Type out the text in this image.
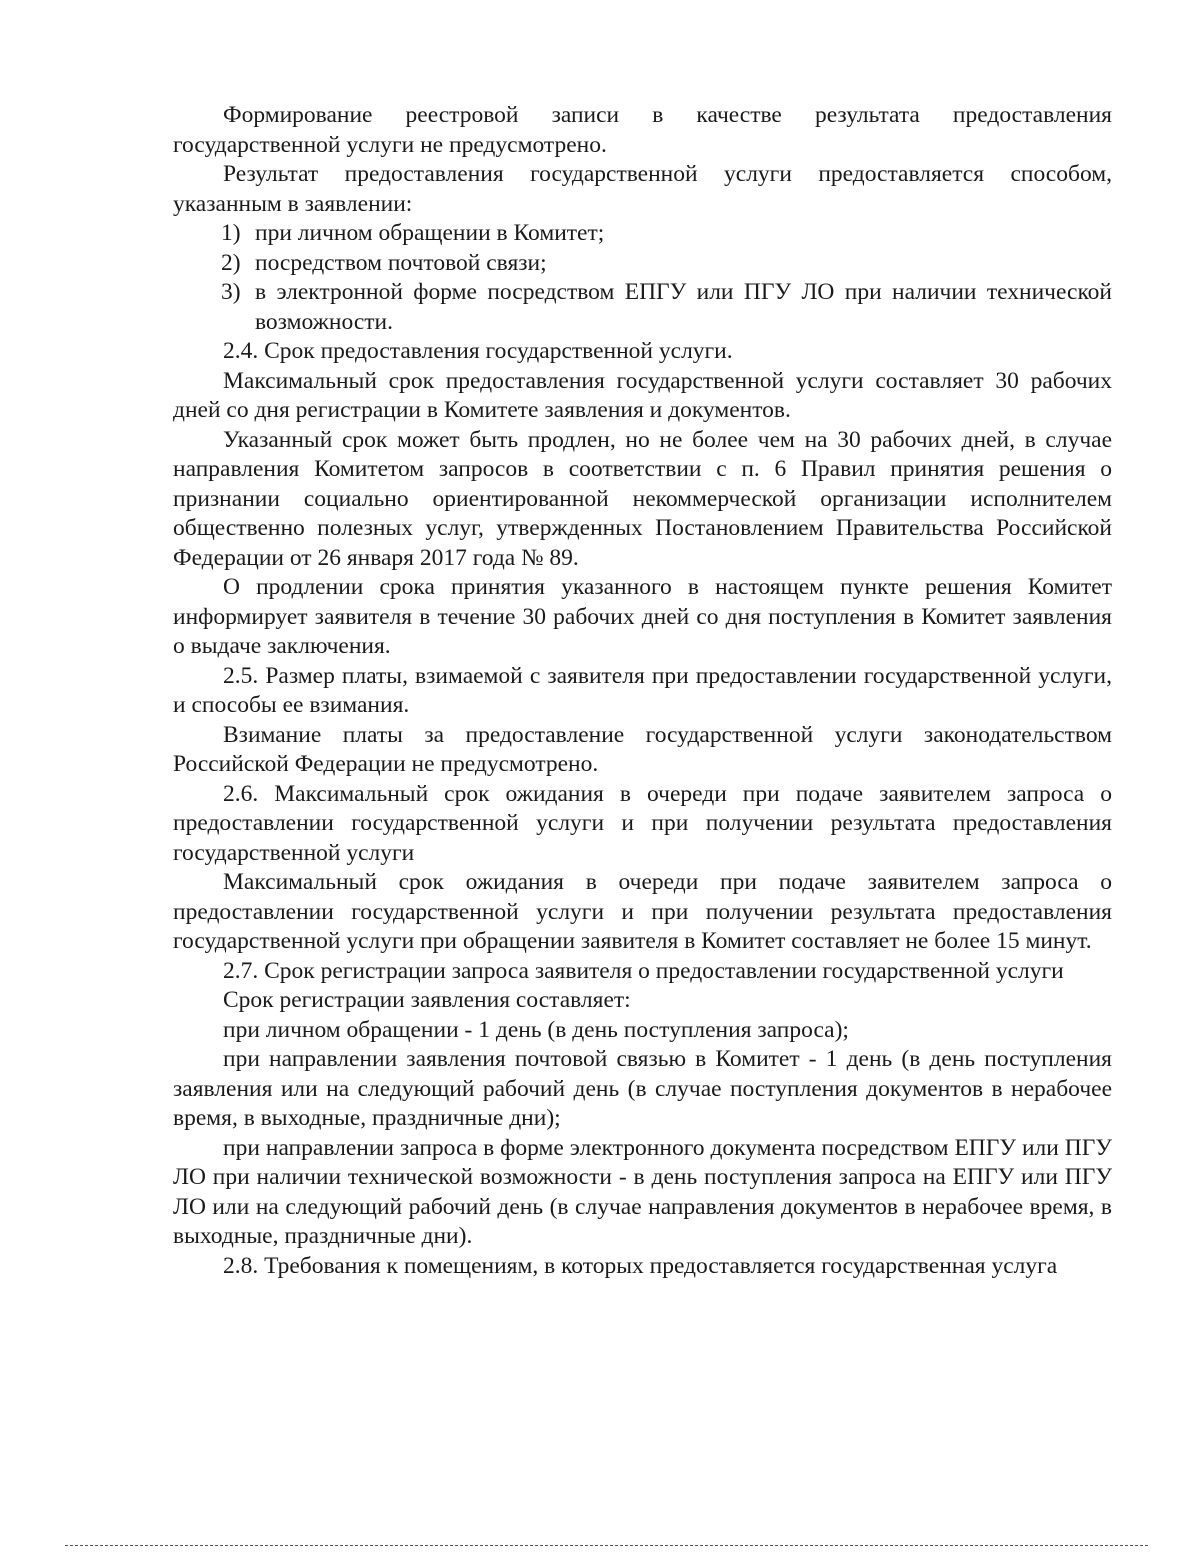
Формирование реестровой записи в качестве результата предоставления государственной услуги не предусмотрено.

Результат предоставления государственной услуги предоставляется способом, указанным в заявлении:

1) при личном обращении в Комитет;
2) посредством почтовой связи;
3) в электронной форме посредством ЕПГУ или ПГУ ЛО при наличии технической возможности.

2.4. Срок предоставления государственной услуги.

Максимальный срок предоставления государственной услуги составляет 30 рабочих дней со дня регистрации в Комитете заявления и документов.

Указанный срок может быть продлен, но не более чем на 30 рабочих дней, в случае направления Комитетом запросов в соответствии с п. 6 Правил принятия решения о признании социально ориентированной некоммерческой организации исполнителем общественно полезных услуг, утвержденных Постановлением Правительства Российской Федерации от 26 января 2017 года № 89.

О продлении срока принятия указанного в настоящем пункте решения Комитет информирует заявителя в течение 30 рабочих дней со дня поступления в Комитет заявления о выдаче заключения.

2.5. Размер платы, взимаемой с заявителя при предоставлении государственной услуги, и способы ее взимания.

Взимание платы за предоставление государственной услуги законодательством Российской Федерации не предусмотрено.

2.6. Максимальный срок ожидания в очереди при подаче заявителем запроса о предоставлении государственной услуги и при получении результата предоставления государственной услуги

Максимальный срок ожидания в очереди при подаче заявителем запроса о предоставлении государственной услуги и при получении результата предоставления государственной услуги при обращении заявителя в Комитет составляет не более 15 минут.

2.7. Срок регистрации запроса заявителя о предоставлении государственной услуги

Срок регистрации заявления составляет:

при личном обращении - 1 день (в день поступления запроса);

при направлении заявления почтовой связью в Комитет - 1 день (в день поступления заявления или на следующий рабочий день (в случае поступления документов в нерабочее время, в выходные, праздничные дни);

при направлении запроса в форме электронного документа посредством ЕПГУ или ПГУ ЛО при наличии технической возможности - в день поступления запроса на ЕПГУ или ПГУ ЛО или на следующий рабочий день (в случае направления документов в нерабочее время, в выходные, праздничные дни).

2.8. Требования к помещениям, в которых предоставляется государственная услуга
